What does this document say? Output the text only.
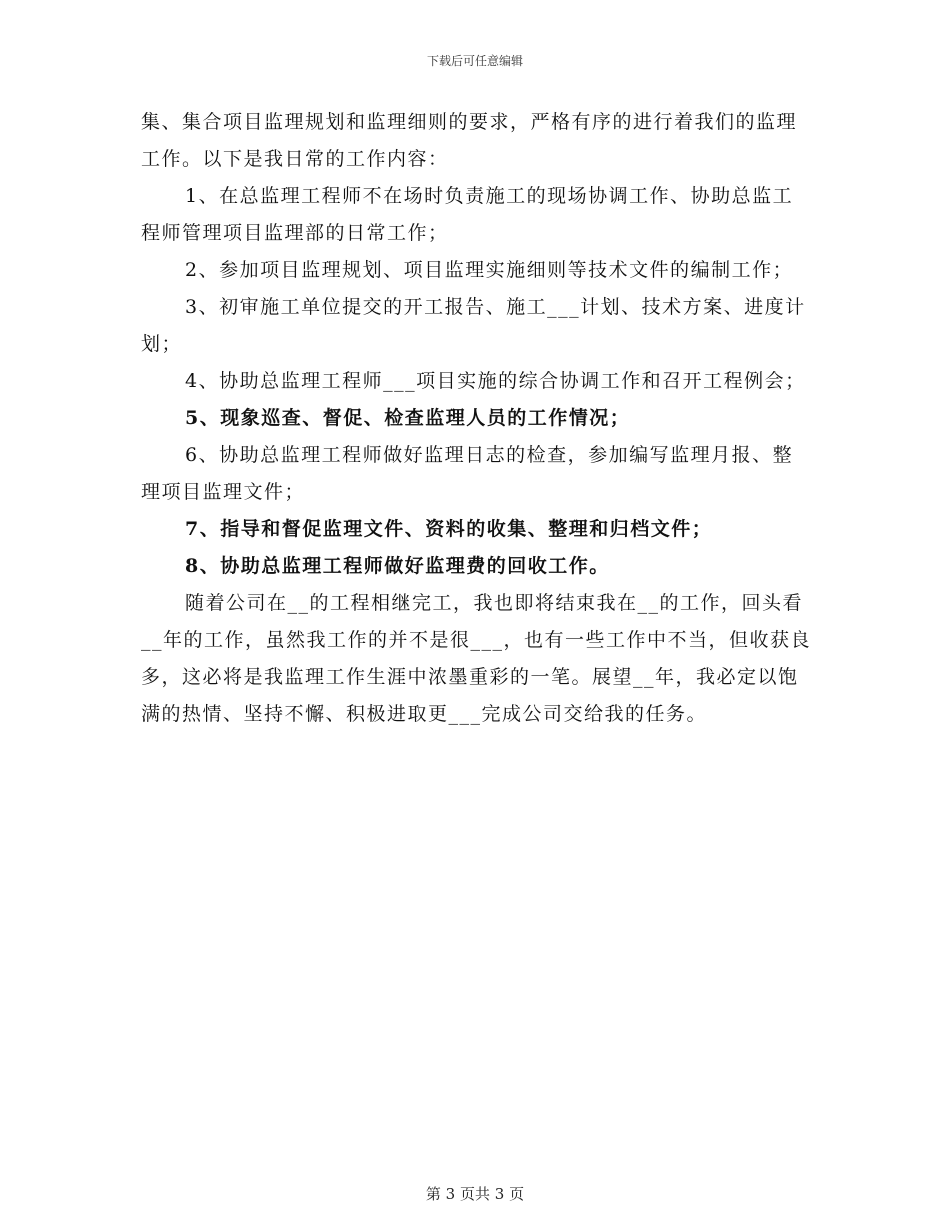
下载后可任意编辑

集、集合项目监理规划和监理细则的要求，严格有序的进行着我们的监理工作。以下是我日常的工作内容：

1、在总监理工程师不在场时负责施工的现场协调工作、协助总监工程师管理项目监理部的日常工作；

2、参加项目监理规划、项目监理实施细则等技术文件的编制工作；

3、初审施工单位提交的开工报告、施工___计划、技术方案、进度计划；

4、协助总监理工程师___项目实施的综合协调工作和召开工程例会；

5、现象巡查、督促、检查监理人员的工作情况；

6、协助总监理工程师做好监理日志的检查，参加编写监理月报、整理项目监理文件；

7、指导和督促监理文件、资料的收集、整理和归档文件；

8、协助总监理工程师做好监理费的回收工作。

随着公司在__的工程相继完工，我也即将结束我在__的工作，回头看__年的工作，虽然我工作的并不是很___，也有一些工作中不当，但收获良多，这必将是我监理工作生涯中浓墨重彩的一笔。展望__年，我必定以饱满的热情、坚持不懈、积极进取更___完成公司交给我的任务。

第 3 页共 3 页
